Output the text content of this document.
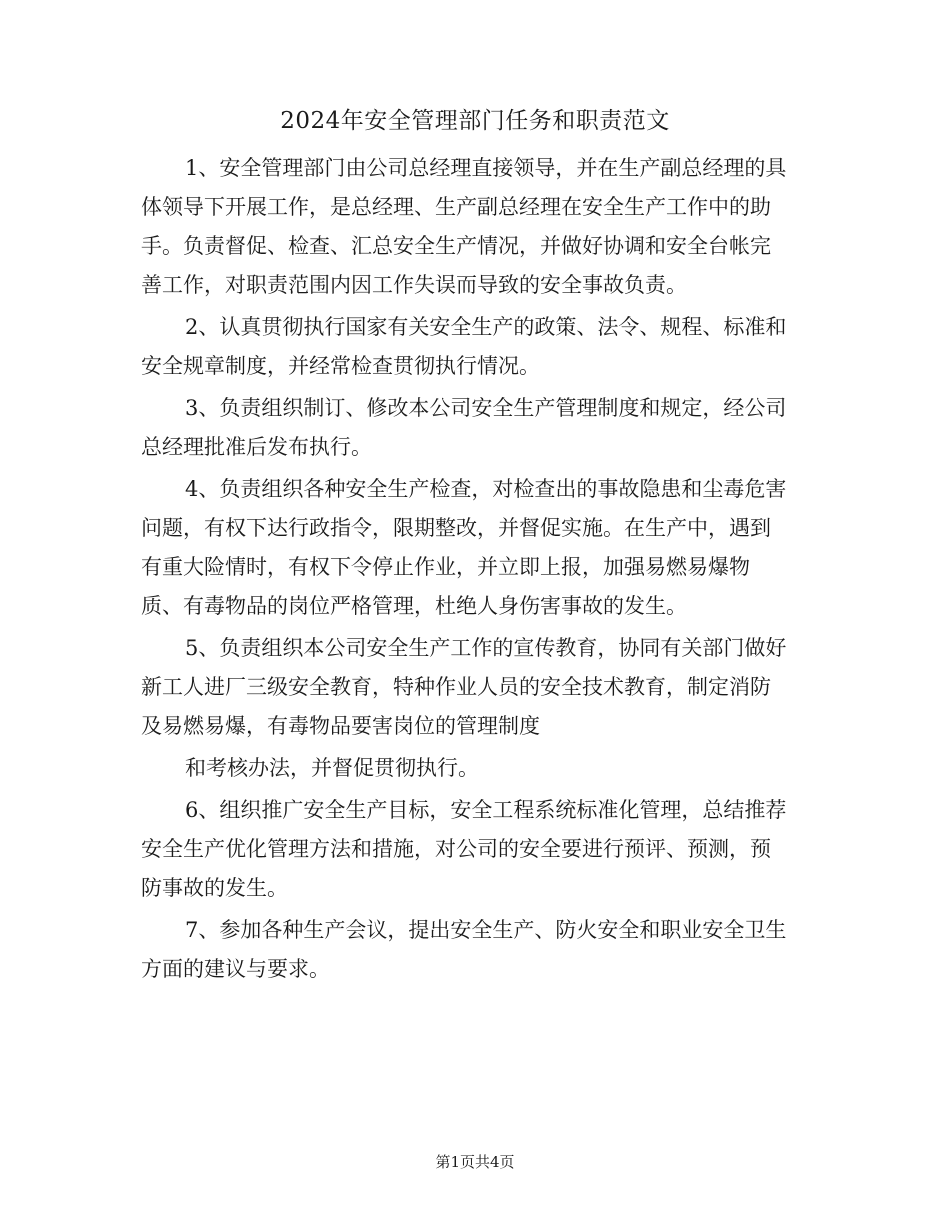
2024年安全管理部门任务和职责范文
1、安全管理部门由公司总经理直接领导，并在生产副总经理的具
体领导下开展工作，是总经理、生产副总经理在安全生产工作中的助
手。负责督促、检查、汇总安全生产情况，并做好协调和安全台帐完
善工作，对职责范围内因工作失误而导致的安全事故负责。
2、认真贯彻执行国家有关安全生产的政策、法令、规程、标准和
安全规章制度，并经常检查贯彻执行情况。
3、负责组织制订、修改本公司安全生产管理制度和规定，经公司
总经理批准后发布执行。
4、负责组织各种安全生产检查，对检查出的事故隐患和尘毒危害
问题，有权下达行政指令，限期整改，并督促实施。在生产中，遇到
有重大险情时，有权下令停止作业，并立即上报，加强易燃易爆物
质、有毒物品的岗位严格管理，杜绝人身伤害事故的发生。
5、负责组织本公司安全生产工作的宣传教育，协同有关部门做好
新工人进厂三级安全教育，特种作业人员的安全技术教育，制定消防
及易燃易爆，有毒物品要害岗位的管理制度
和考核办法，并督促贯彻执行。
6、组织推广安全生产目标，安全工程系统标准化管理，总结推荐
安全生产优化管理方法和措施，对公司的安全要进行预评、预测，预
防事故的发生。
7、参加各种生产会议，提出安全生产、防火安全和职业安全卫生
方面的建议与要求。
第1页共4页
